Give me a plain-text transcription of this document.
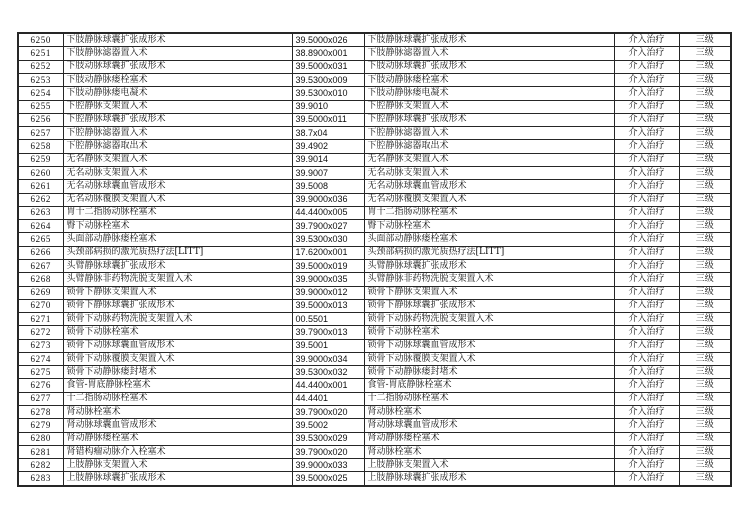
6250	下肢静脉球囊扩张成形术	39.5000x026	下肢静脉球囊扩张成形术	介入治疗	三级
6251	下肢静脉滤器置入术	38.8900x001	下肢静脉滤器置入术	介入治疗	三级
6252	下肢动脉球囊扩张成形术	39.5000x031	下肢动脉球囊扩张成形术	介入治疗	三级
6253	下肢动静脉瘘栓塞术	39.5300x009	下肢动静脉瘘栓塞术	介入治疗	三级
6254	下肢动静脉瘘电凝术	39.5300x010	下肢动静脉瘘电凝术	介入治疗	三级
6255	下腔静脉支架置入术	39.9010	下腔静脉支架置入术	介入治疗	三级
6256	下腔静脉球囊扩张成形术	39.5000x011	下腔静脉球囊扩张成形术	介入治疗	三级
6257	下腔静脉滤器置入术	38.7x04	下腔静脉滤器置入术	介入治疗	三级
6258	下腔静脉滤器取出术	39.4902	下腔静脉滤器取出术	介入治疗	三级
6259	无名静脉支架置入术	39.9014	无名静脉支架置入术	介入治疗	三级
6260	无名动脉支架置入术	39.9007	无名动脉支架置入术	介入治疗	三级
6261	无名动脉球囊血管成形术	39.5008	无名动脉球囊血管成形术	介入治疗	三级
6262	无名动脉覆膜支架置入术	39.9000x036	无名动脉覆膜支架置入术	介入治疗	三级
6263	胃十二指肠动脉栓塞术	44.4400x005	胃十二指肠动脉栓塞术	介入治疗	三级
6264	臀下动脉栓塞术	39.7900x027	臀下动脉栓塞术	介入治疗	三级
6265	头面部动静脉瘘栓塞术	39.5300x030	头面部动静脉瘘栓塞术	介入治疗	三级
6266	头颈部病损的激光质热疗法[LITT]	17.6200x001	头颈部病损的激光质热疗法[LITT]	介入治疗	三级
6267	头臂静脉球囊扩张成形术	39.5000x019	头臂静脉球囊扩张成形术	介入治疗	三级
6268	头臂静脉非药物洗脱支架置入术	39.9000x035	头臂静脉非药物洗脱支架置入术	介入治疗	三级
6269	锁骨下静脉支架置入术	39.9000x012	锁骨下静脉支架置入术	介入治疗	三级
6270	锁骨下静脉球囊扩张成形术	39.5000x013	锁骨下静脉球囊扩张成形术	介入治疗	三级
6271	锁骨下动脉药物洗脱支架置入术	00.5501	锁骨下动脉药物洗脱支架置入术	介入治疗	三级
6272	锁骨下动脉栓塞术	39.7900x013	锁骨下动脉栓塞术	介入治疗	三级
6273	锁骨下动脉球囊血管成形术	39.5001	锁骨下动脉球囊血管成形术	介入治疗	三级
6274	锁骨下动脉覆膜支架置入术	39.9000x034	锁骨下动脉覆膜支架置入术	介入治疗	三级
6275	锁骨下动静脉瘘封堵术	39.5300x032	锁骨下动静脉瘘封堵术	介入治疗	三级
6276	食管-胃底静脉栓塞术	44.4400x001	食管-胃底静脉栓塞术	介入治疗	三级
6277	十二指肠动脉栓塞术	44.4401	十二指肠动脉栓塞术	介入治疗	三级
6278	肾动脉栓塞术	39.7900x020	肾动脉栓塞术	介入治疗	三级
6279	肾动脉球囊血管成形术	39.5002	肾动脉球囊血管成形术	介入治疗	三级
6280	肾动静脉瘘栓塞术	39.5300x029	肾动静脉瘘栓塞术	介入治疗	三级
6281	肾错构瘤动脉介入栓塞术	39.7900x020	肾动脉栓塞术	介入治疗	三级
6282	上肢静脉支架置入术	39.9000x033	上肢静脉支架置入术	介入治疗	三级
6283	上肢静脉球囊扩张成形术	39.5000x025	上肢静脉球囊扩张成形术	介入治疗	三级
